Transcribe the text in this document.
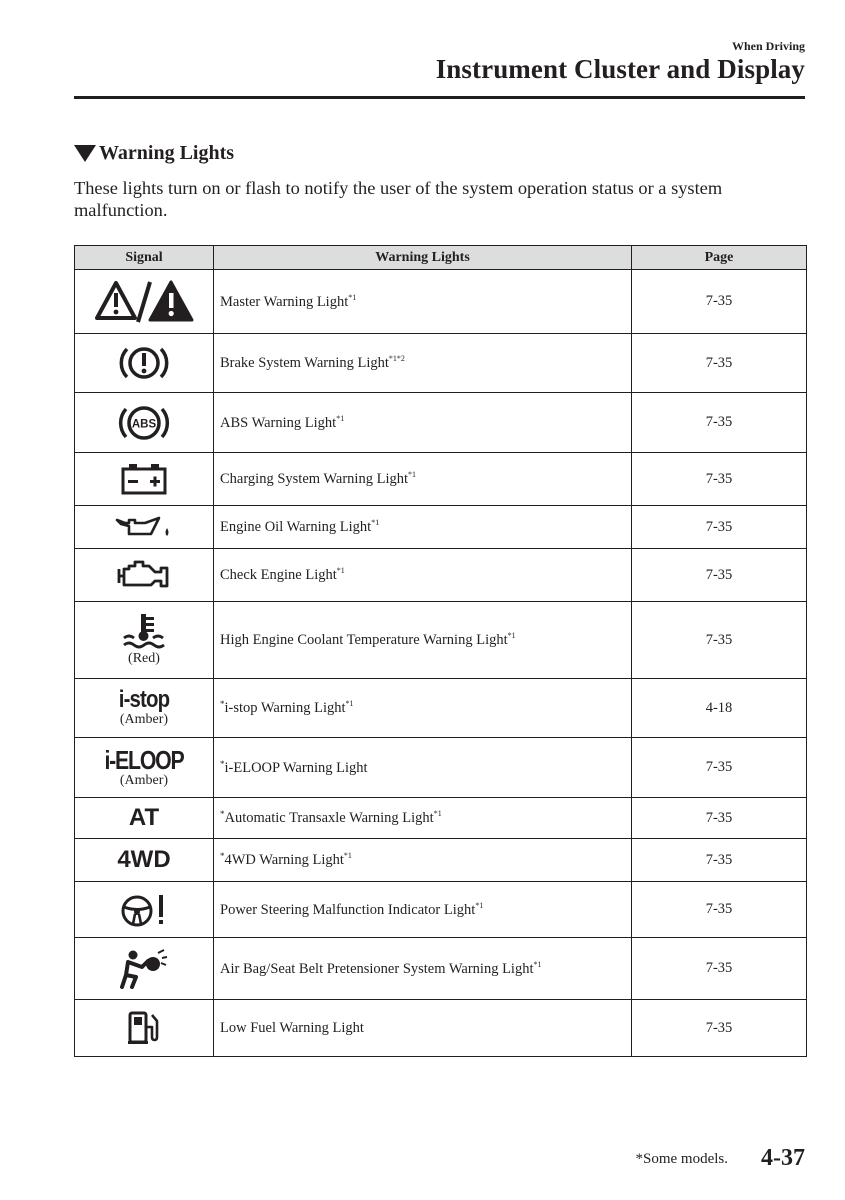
When Driving
Instrument Cluster and Display
Warning Lights
These lights turn on or flash to notify the user of the system operation status or a system malfunction.
Signal	Warning Lights	Page

	Master Warning Light$^{*1}$	7-35

	Brake System Warning Light$^{*1*2}$	7-35

ABS	ABS Warning Light$^{*1}$	7-35

	Charging System Warning Light$^{*1}$	7-35

	Engine Oil Warning Light$^{*1}$	7-35

	Check Engine Light$^{*1}$	7-35

(Red)	High Engine Coolant Temperature Warning Light$^{*1}$	7-35

i-stop
(Amber)	*i-stop Warning Light$^{*1}$	4-18

i-ELOOP
(Amber)	*i-ELOOP Warning Light	7-35

AT	*Automatic Transaxle Warning Light$^{*1}$	7-35

4WD	*4WD Warning Light$^{*1}$	7-35

	Power Steering Malfunction Indicator Light$^{*1}$	7-35

	Air Bag/Seat Belt Pretensioner System Warning Light$^{*1}$	7-35

	Low Fuel Warning Light	7-35
*Some models. 4-37
